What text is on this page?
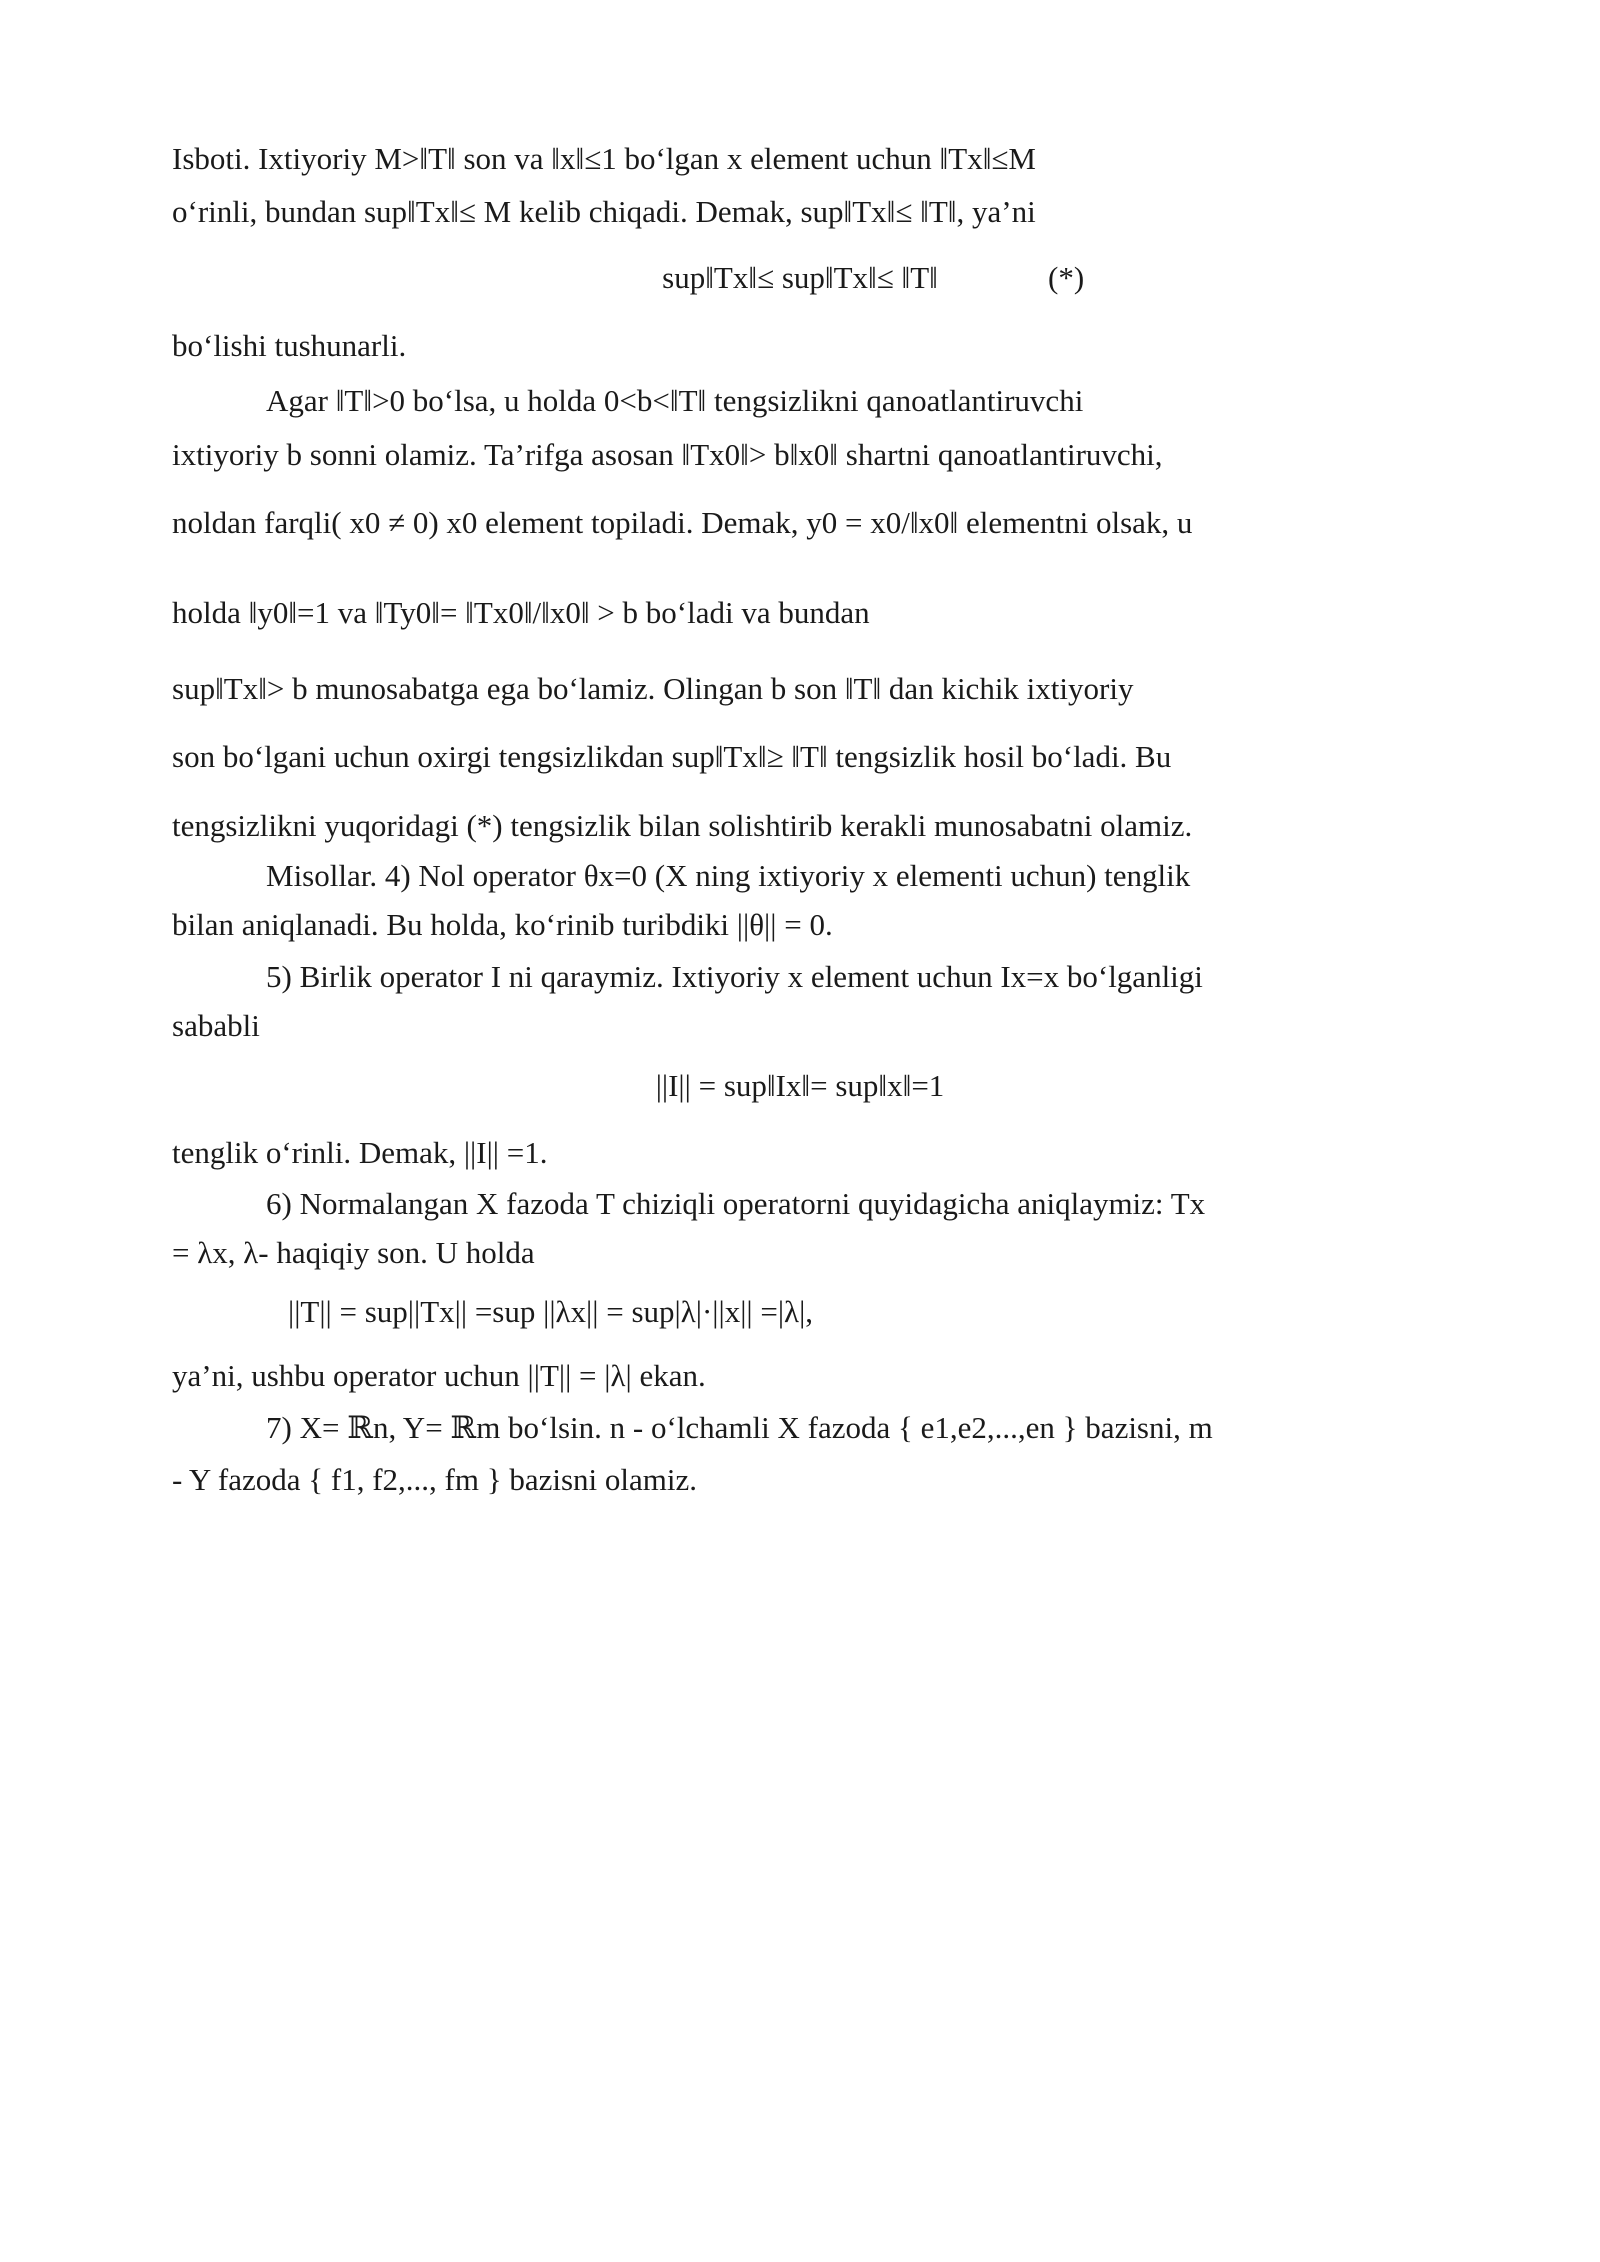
Isboti. Ixtiyoriy M>‖T‖ son va ‖x‖≤1 bo‘lgan x element uchun ‖Tx‖≤M
o‘rinli, bundan sup‖Tx‖≤ M kelib chiqadi. Demak, sup‖Tx‖≤ ‖T‖, ya’ni
sup‖Tx‖≤ sup‖Tx‖≤ ‖T‖	(*)
bo‘lishi tushunarli.
Agar ‖T‖>0 bo‘lsa, u holda 0<b<‖T‖ tengsizlikni qanoatlantiruvchi
ixtiyoriy b sonni olamiz. Ta’rifga asosan ‖Tx0‖> b‖x0‖ shartni qanoatlantiruvchi,
noldan farqli( x0 ≠ 0) x0 element topiladi. Demak, y0 = x0/‖x0‖ elementni olsak, u
holda ‖y0‖=1 va ‖Ty0‖= ‖Tx0‖/‖x0‖ > b bo‘ladi va bundan
sup‖Tx‖> b munosabatga ega bo‘lamiz. Olingan b son ‖T‖ dan kichik ixtiyoriy
son bo‘lgani uchun oxirgi tengsizlikdan sup‖Tx‖≥ ‖T‖ tengsizlik hosil bo‘ladi. Bu
tengsizlikni yuqoridagi (*) tengsizlik bilan solishtirib kerakli munosabatni olamiz.
Misollar. 4) Nol operator θx=0 (X ning ixtiyoriy x elementi uchun) tenglik
bilan aniqlanadi. Bu holda, ko‘rinib turibdiki ||θ|| = 0.
5) Birlik operator I ni qaraymiz. Ixtiyoriy x element uchun Ix=x bo‘lganligi
sababli
||I|| = sup‖Ix‖= sup‖x‖=1
tenglik o‘rinli. Demak, ||I|| =1.
6) Normalangan X fazoda T chiziqli operatorni quyidagicha aniqlaymiz: Tx
= λx, λ- haqiqiy son. U holda
||T|| = sup||Tx|| =sup ||λx|| = sup|λ|·||x|| =|λ|,
ya’ni, ushbu operator uchun ||T|| = |λ| ekan.
7) X= ℝn, Y= ℝm bo‘lsin. n - o‘lchamli X fazoda { e1,e2,...,en } bazisni, m
- Y fazoda { f1, f2,..., fm } bazisni olamiz.
